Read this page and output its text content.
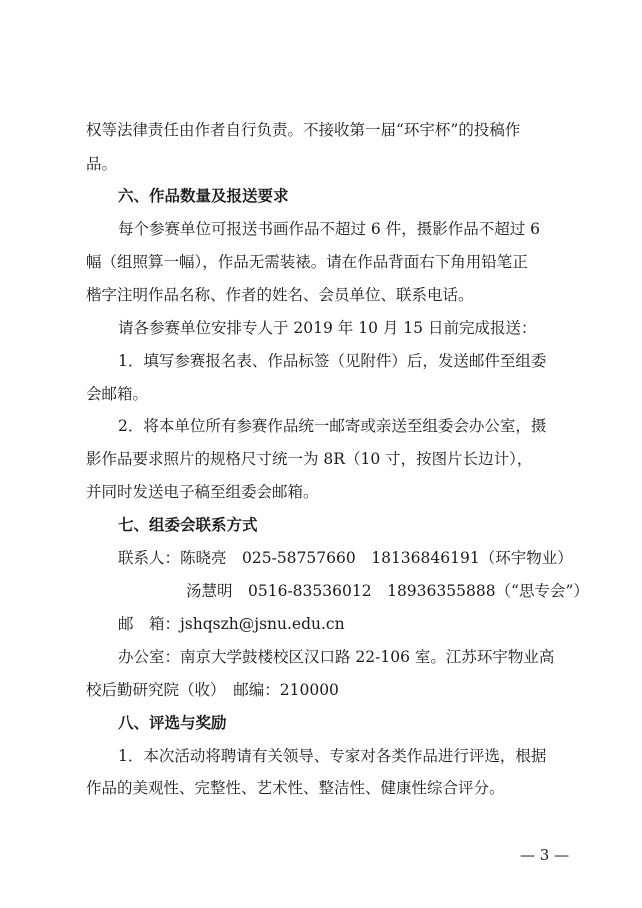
权等法律责任由作者自行负责。不接收第一届“环宇杯”的投稿作
品。
六、作品数量及报送要求
每个参赛单位可报送书画作品不超过 6 件，摄影作品不超过 6
幅（组照算一幅），作品无需装裱。请在作品背面右下角用铅笔正
楷字注明作品名称、作者的姓名、会员单位、联系电话。
请各参赛单位安排专人于 2019 年 10 月 15 日前完成报送：
1．填写参赛报名表、作品标签（见附件）后，发送邮件至组委
会邮箱。
2．将本单位所有参赛作品统一邮寄或亲送至组委会办公室，摄
影作品要求照片的规格尺寸统一为 8R（10 寸，按图片长边计），
并同时发送电子稿至组委会邮箱。
七、组委会联系方式
联系人：陈晓亮　025-58757660　18136846191（环宇物业）
汤慧明　0516-83536012　18936355888（“思专会”）
邮　箱：jshqszh@jsnu.edu.cn
办公室：南京大学鼓楼校区汉口路 22-106 室。江苏环宇物业高
校后勤研究院（收）　邮编：210000
八、评选与奖励
1．本次活动将聘请有关领导、专家对各类作品进行评选，根据
作品的美观性、完整性、艺术性、整洁性、健康性综合评分。
— 3 —
